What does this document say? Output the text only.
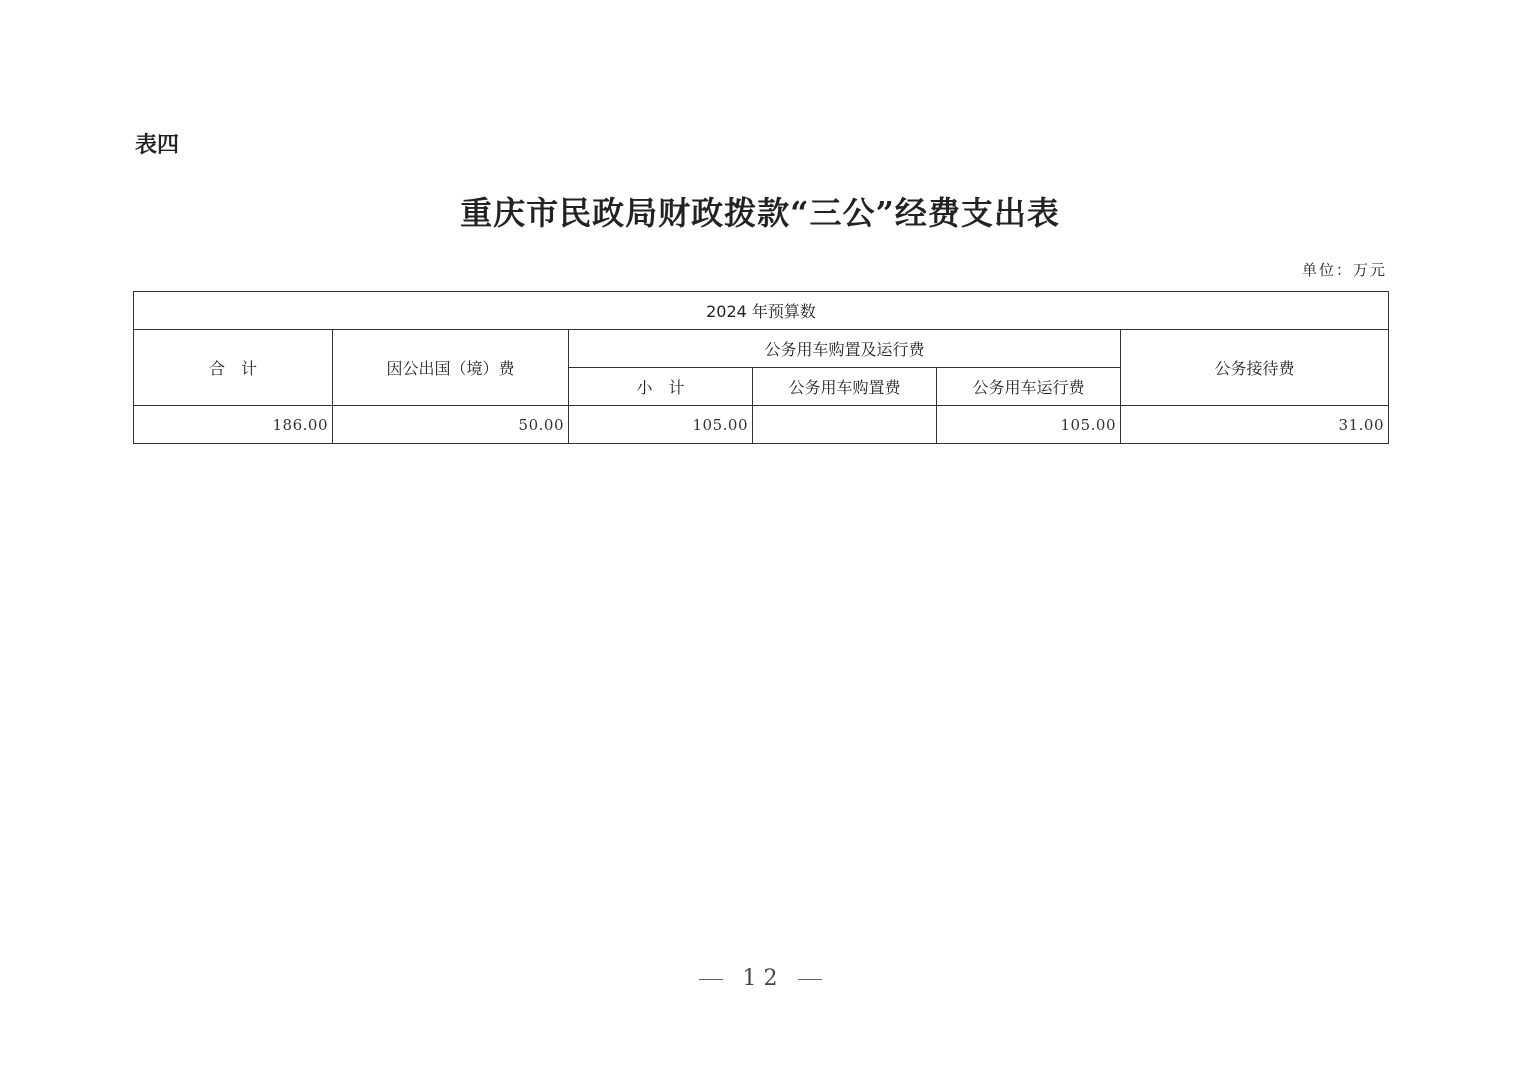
表四
重庆市民政局财政拨款“三公”经费支出表
单位：万元
2024 年预算数					
合　计	因公出国（境）费	公务用车购置及运行费			公务接待费
		小　计	公务用车购置费	公务用车运行费	
186.00	50.00	105.00		105.00	31.00
1 2
